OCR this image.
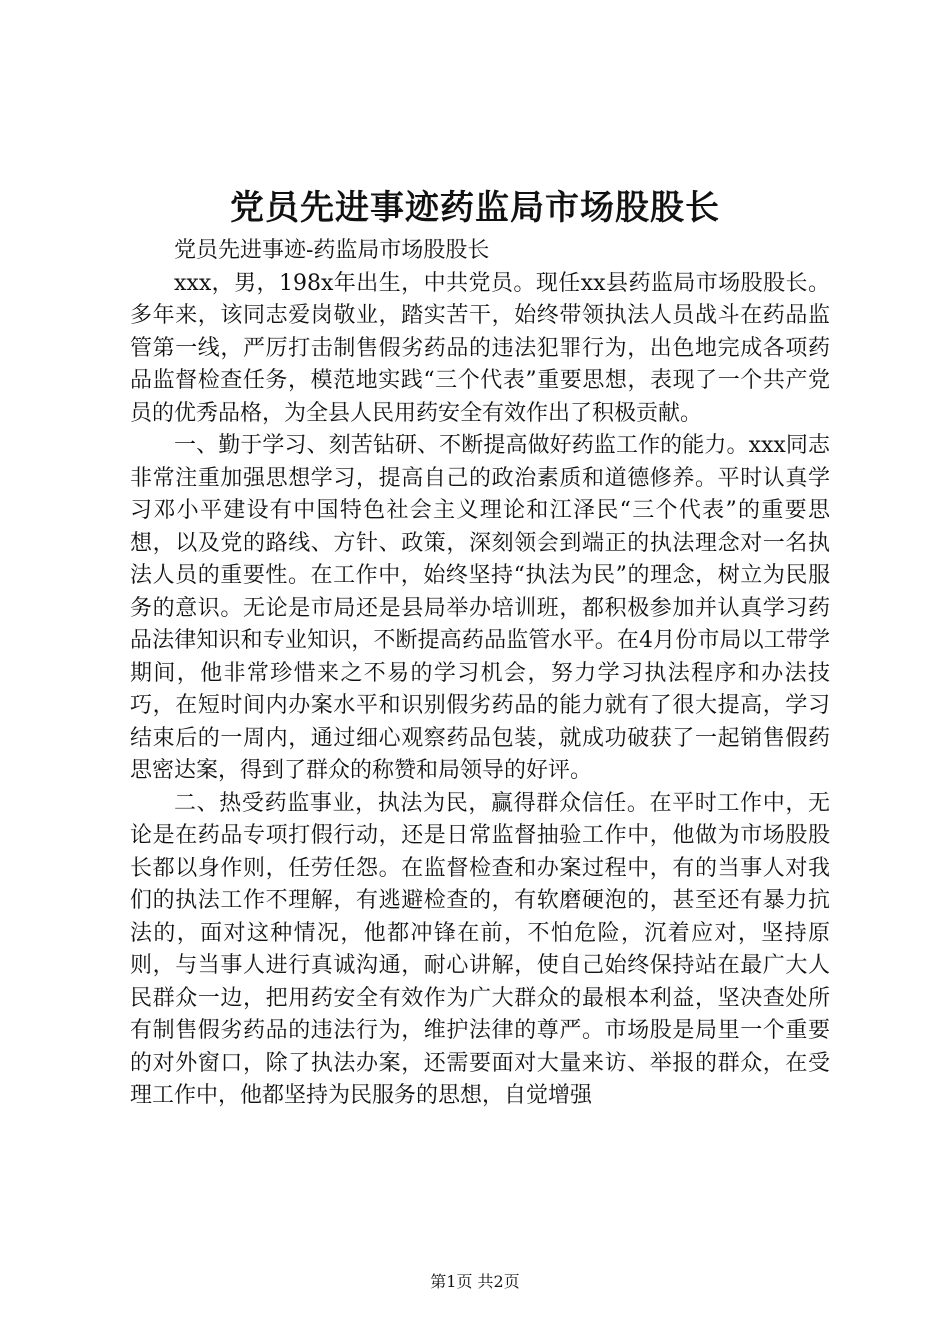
党员先进事迹药监局市场股股长

党员先进事迹-药监局市场股股长

xxx，男，198x年出生，中共党员。现任xx县药监局市场股股长。多年来，该同志爱岗敬业，踏实苦干，始终带领执法人员战斗在药品监管第一线，严厉打击制售假劣药品的违法犯罪行为，出色地完成各项药品监督检查任务，模范地实践“三个代表”重要思想，表现了一个共产党员的优秀品格，为全县人民用药安全有效作出了积极贡献。

一、勤于学习、刻苦钻研、不断提高做好药监工作的能力。xxx同志非常注重加强思想学习，提高自己的政治素质和道德修养。平时认真学习邓小平建设有中国特色社会主义理论和江泽民“三个代表”的重要思想，以及党的路线、方针、政策，深刻领会到端正的执法理念对一名执法人员的重要性。在工作中，始终坚持“执法为民”的理念，树立为民服务的意识。无论是市局还是县局举办培训班，都积极参加并认真学习药品法律知识和专业知识，不断提高药品监管水平。在4月份市局以工带学期间，他非常珍惜来之不易的学习机会，努力学习执法程序和办法技巧，在短时间内办案水平和识别假劣药品的能力就有了很大提高，学习结束后的一周内，通过细心观察药品包装，就成功破获了一起销售假药思密达案，得到了群众的称赞和局领导的好评。

二、热受药监事业，执法为民，赢得群众信任。在平时工作中，无论是在药品专项打假行动，还是日常监督抽验工作中，他做为市场股股长都以身作则，任劳任怨。在监督检查和办案过程中，有的当事人对我们的执法工作不理解，有逃避检查的，有软磨硬泡的，甚至还有暴力抗法的，面对这种情况，他都冲锋在前，不怕危险，沉着应对，坚持原则，与当事人进行真诚沟通，耐心讲解，使自己始终保持站在最广大人民群众一边，把用药安全有效作为广大群众的最根本利益，坚决查处所有制售假劣药品的违法行为，维护法律的尊严。市场股是局里一个重要的对外窗口，除了执法办案，还需要面对大量来访、举报的群众，在受理工作中，他都坚持为民服务的思想，自觉增强

第1页 共2页
